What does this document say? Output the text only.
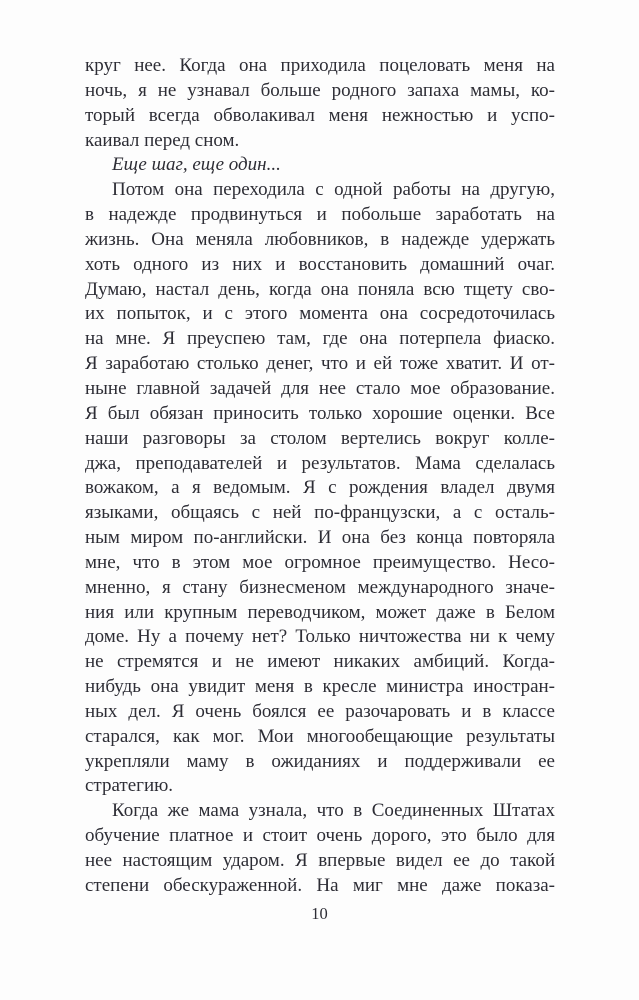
круг нее. Когда она приходила поцеловать меня на
ночь, я не узнавал больше родного запаха мамы, ко-
торый всегда обволакивал меня нежностью и успо-
каивал перед сном.
Еще шаг, еще один...
Потом она переходила с одной работы на другую,
в надежде продвинуться и побольше заработать на
жизнь. Она меняла любовников, в надежде удержать
хоть одного из них и восстановить домашний очаг.
Думаю, настал день, когда она поняла всю тщету сво-
их попыток, и с этого момента она сосредоточилась
на мне. Я преуспею там, где она потерпела фиаско.
Я заработаю столько денег, что и ей тоже хватит. И от-
ныне главной задачей для нее стало мое образование.
Я был обязан приносить только хорошие оценки. Все
наши разговоры за столом вертелись вокруг колле-
джа, преподавателей и результатов. Мама сделалась
вожаком, а я ведомым. Я с рождения владел двумя
языками, общаясь с ней по-французски, а с осталь-
ным миром по-английски. И она без конца повторяла
мне, что в этом мое огромное преимущество. Несо-
мненно, я стану бизнесменом международного значе-
ния или крупным переводчиком, может даже в Белом
доме. Ну а почему нет? Только ничтожества ни к чему
не стремятся и не имеют никаких амбиций. Когда-
нибудь она увидит меня в кресле министра иностран-
ных дел. Я очень боялся ее разочаровать и в классе
старался, как мог. Мои многообещающие результаты
укрепляли маму в ожиданиях и поддерживали ее
стратегию.
Когда же мама узнала, что в Соединенных Штатах
обучение платное и стоит очень дорого, это было для
нее настоящим ударом. Я впервые видел ее до такой
степени обескураженной. На миг мне даже показа-
10
